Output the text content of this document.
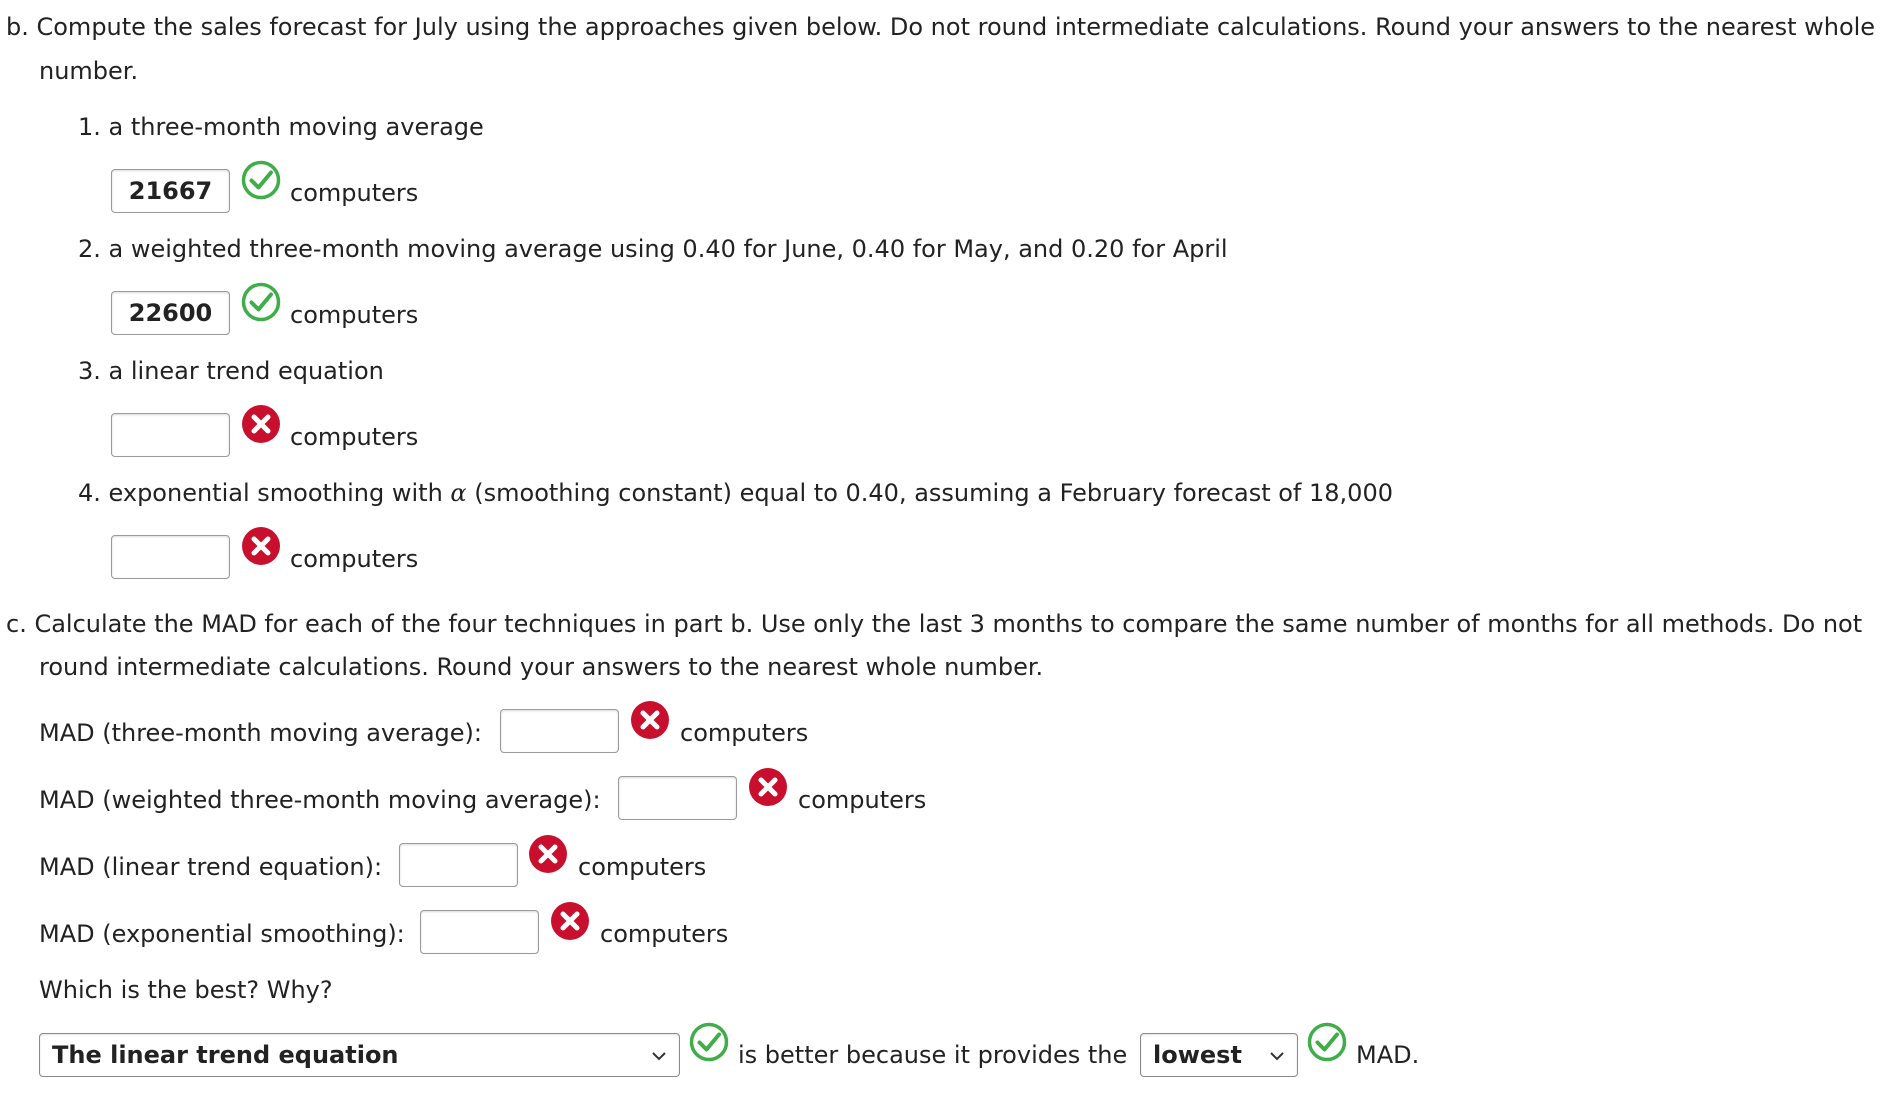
b. Compute the sales forecast for July using the approaches given below. Do not round intermediate calculations. Round your answers to the nearest whole
number.
1. a three-month moving average
21667	computers
2. a weighted three-month moving average using 0.40 for June, 0.40 for May, and 0.20 for April
22600	computers
3. a linear trend equation
computers
4. exponential smoothing with α (smoothing constant) equal to 0.40, assuming a February forecast of 18,000
computers
c. Calculate the MAD for each of the four techniques in part b. Use only the last 3 months to compare the same number of months for all methods. Do not
round intermediate calculations. Round your answers to the nearest whole number.
MAD (three-month moving average):	computers
MAD (weighted three-month moving average):	computers
MAD (linear trend equation):	computers
MAD (exponential smoothing):	computers
Which is the best? Why?
The linear trend equation	is better because it provides the lowest	MAD.
